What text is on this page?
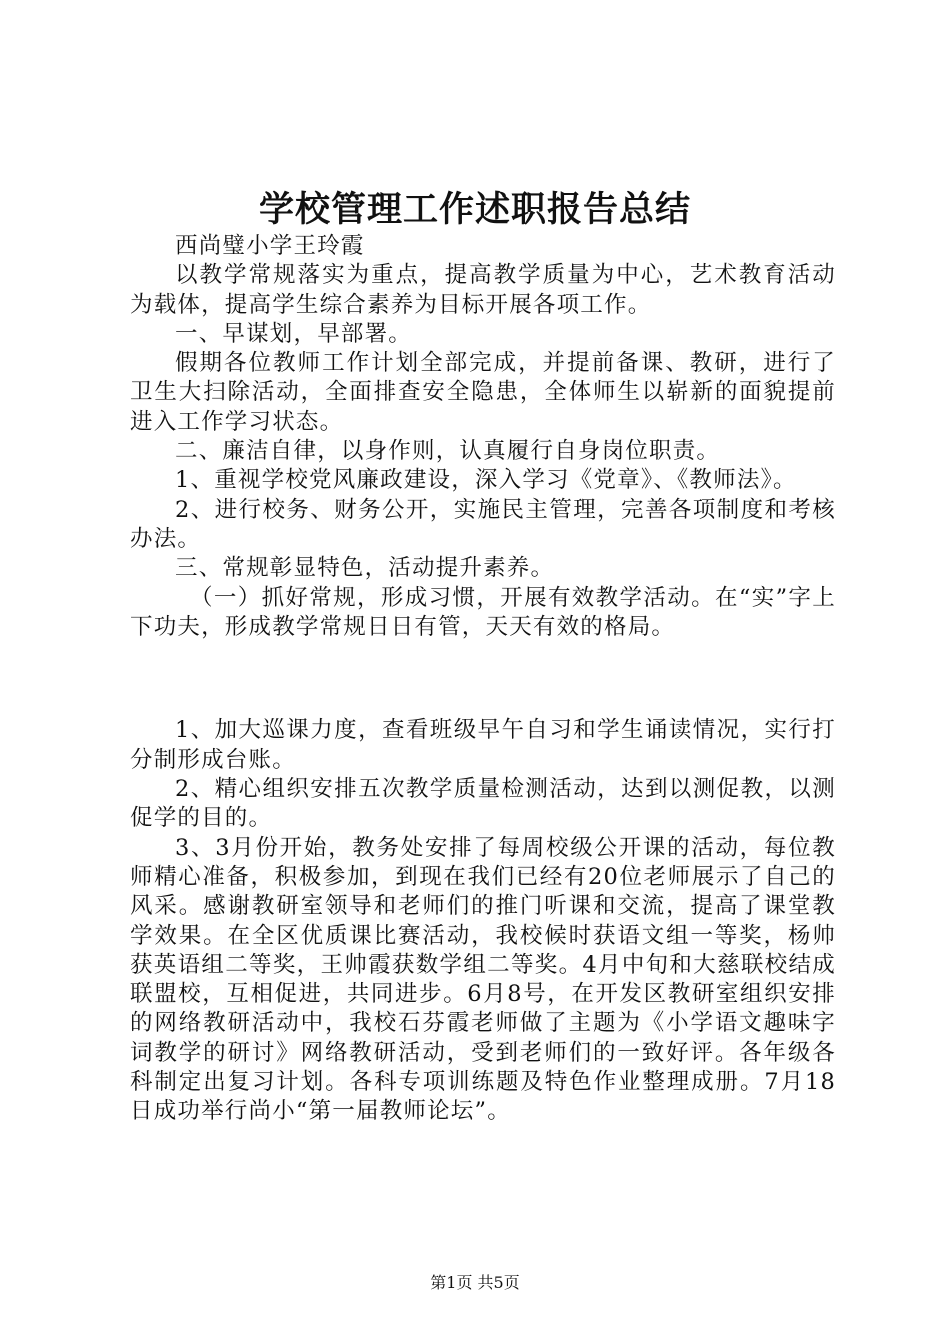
学校管理工作述职报告总结

西尚璧小学王玲霞

以教学常规落实为重点，提高教学质量为中心，艺术教育活动为载体，提高学生综合素养为目标开展各项工作。

一、早谋划，早部署。

假期各位教师工作计划全部完成，并提前备课、教研，进行了卫生大扫除活动，全面排查安全隐患，全体师生以崭新的面貌提前进入工作学习状态。

二、廉洁自律，以身作则，认真履行自身岗位职责。

1、重视学校党风廉政建设，深入学习《党章》、《教师法》。

2、进行校务、财务公开，实施民主管理，完善各项制度和考核办法。

三、常规彰显特色，活动提升素养。

（一）抓好常规，形成习惯，开展有效教学活动。在“实”字上下功夫，形成教学常规日日有管，天天有效的格局。

1、加大巡课力度，查看班级早午自习和学生诵读情况，实行打分制形成台账。

2、精心组织安排五次教学质量检测活动，达到以测促教，以测促学的目的。

3、3月份开始，教务处安排了每周校级公开课的活动，每位教师精心准备，积极参加，到现在我们已经有20位老师展示了自己的风采。感谢教研室领导和老师们的推门听课和交流，提高了课堂教学效果。在全区优质课比赛活动，我校候时获语文组一等奖，杨帅获英语组二等奖，王帅霞获数学组二等奖。4月中旬和大慈联校结成联盟校，互相促进，共同进步。6月8号，在开发区教研室组织安排的网络教研活动中，我校石芬霞老师做了主题为《小学语文趣味字词教学的研讨》网络教研活动，受到老师们的一致好评。各年级各科制定出复习计划。各科专项训练题及特色作业整理成册。7月18日成功举行尚小“第一届教师论坛”。

第1页 共5页
